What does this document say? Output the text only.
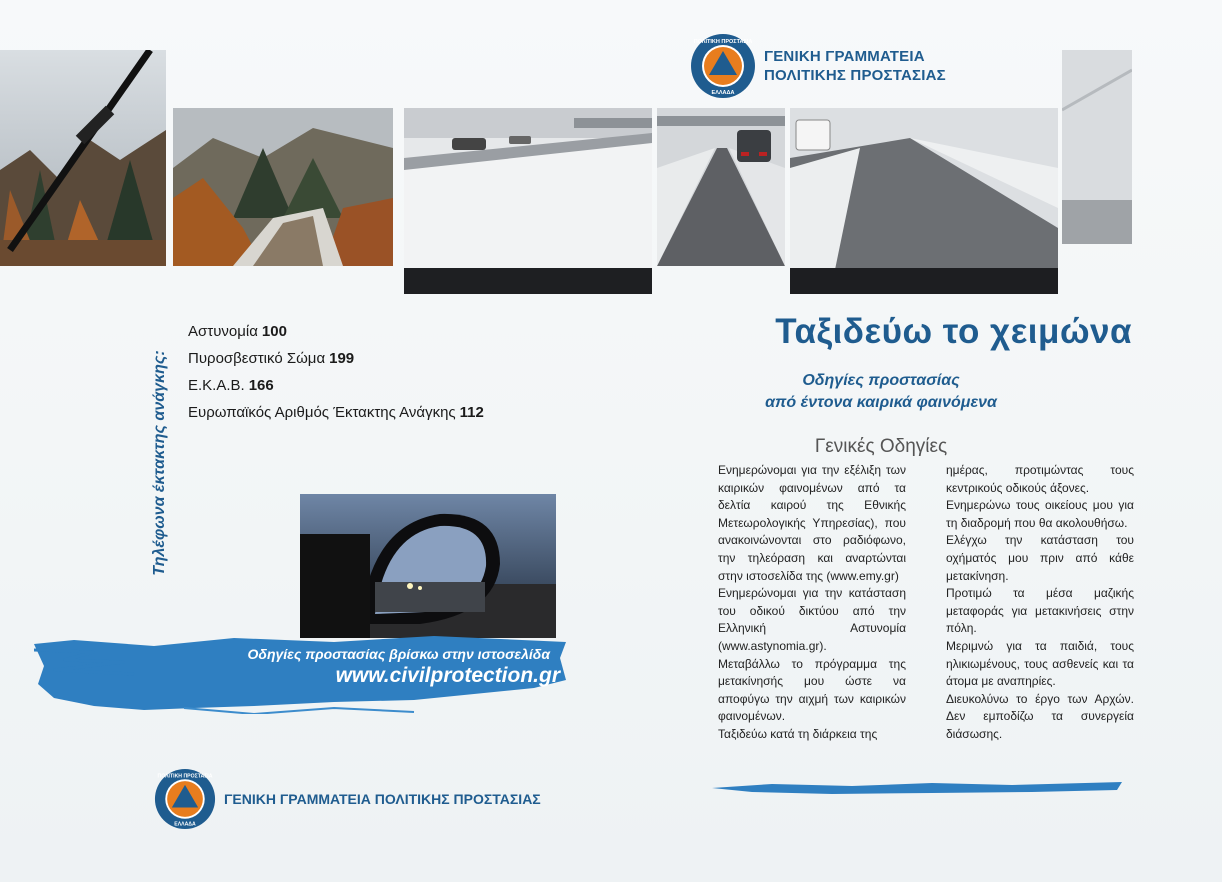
ΠΟΛΙΤΙΚΗ ΠΡΟΣΤΑΣΙΑ
ΕΛΛΑΔΑ
ΓΕΝΙΚΗ ΓΡΑΜΜΑΤΕΙΑ
ΠΟΛΙΤΙΚΗΣ ΠΡΟΣΤΑΣΙΑΣ
Τηλέφωνα έκτακτης ανάγκης:
Αστυνομία 100
Πυροσβεστικό Σώμα 199
Ε.Κ.Α.Β. 166
Ευρωπαϊκός Αριθμός Έκτακτης Ανάγκης 112
Οδηγίες προστασίας βρίσκω στην ιστοσελίδα
www.civilprotection.gr
ΠΟΛΙΤΙΚΗ ΠΡΟΣΤΑΣΙΑ
ΕΛΛΑΔΑ
ΓΕΝΙΚΗ ΓΡΑΜΜΑΤΕΙΑ ΠΟΛΙΤΙΚΗΣ ΠΡΟΣΤΑΣΙΑΣ
Ταξιδεύω το χειμώνα
Οδηγίες προστασίας
από έντονα καιρικά φαινόμενα
Γενικές Οδηγίες

Ενημερώνομαι για την εξέλιξη των καιρικών φαινομένων από τα δελτία καιρού της Εθνικής Μετεωρολογικής Υπηρεσίας), που ανακοινώνονται στο ραδιόφωνο, την τηλεόραση και αναρτώνται στην ιστοσελίδα της (www.emy.gr)

Ενημερώνομαι για την κατάσταση του οδικού δικτύου από την Ελληνική Αστυνομία (www.astynomia.gr).

Μεταβάλλω το πρόγραμμα της μετακίνησής μου ώστε να αποφύγω την αιχμή των καιρικών φαινομένων.

Ταξιδεύω κατά τη διάρκεια της

ημέρας, προτιμώντας τους κεντρικούς οδικούς άξονες.

Ενημερώνω τους οικείους μου για τη διαδρομή που θα ακολουθήσω.

Ελέγχω την κατάσταση του οχήματός μου πριν από κάθε μετακίνηση.

Προτιμώ τα μέσα μαζικής μεταφοράς για μετακινήσεις στην πόλη.

Μεριμνώ για τα παιδιά, τους ηλικιωμένους, τους ασθενείς και τα άτομα με αναπηρίες.

Διευκολύνω το έργο των Αρχών. Δεν εμποδίζω τα συνεργεία διάσωσης.
